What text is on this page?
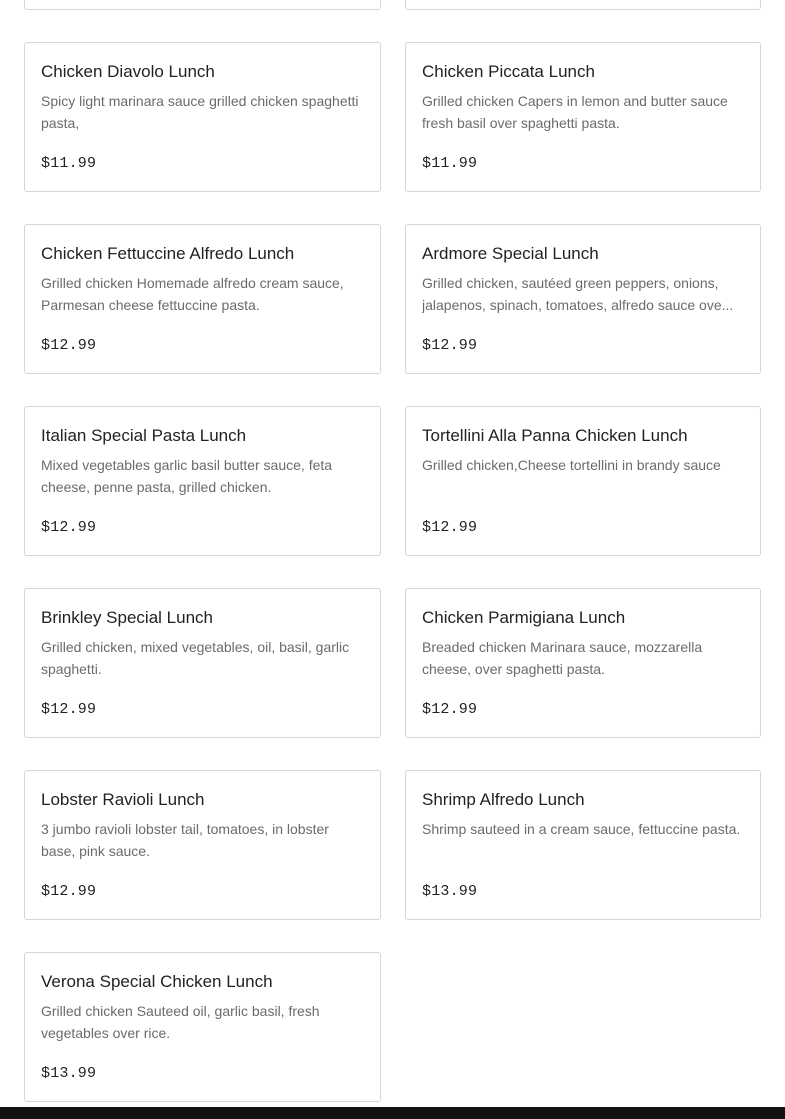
Chicken Diavolo Lunch
Spicy light marinara sauce grilled chicken spaghetti pasta,
$11.99
Chicken Piccata Lunch
Grilled chicken Capers in lemon and butter sauce fresh basil over spaghetti pasta.
$11.99
Chicken Fettuccine Alfredo Lunch
Grilled chicken Homemade alfredo cream sauce, Parmesan cheese fettuccine pasta.
$12.99
Ardmore Special Lunch
Grilled chicken, sautéed green peppers, onions, jalapenos, spinach, tomatoes, alfredo sauce ove...
$12.99
Italian Special Pasta Lunch
Mixed vegetables garlic basil butter sauce, feta cheese, penne pasta, grilled chicken.
$12.99
Tortellini Alla Panna Chicken Lunch
Grilled chicken,Cheese tortellini in brandy sauce
$12.99
Brinkley Special Lunch
Grilled chicken, mixed vegetables, oil, basil, garlic spaghetti.
$12.99
Chicken Parmigiana Lunch
Breaded chicken Marinara sauce, mozzarella cheese, over spaghetti pasta.
$12.99
Lobster Ravioli Lunch
3 jumbo ravioli lobster tail, tomatoes, in lobster base, pink sauce.
$12.99
Shrimp Alfredo Lunch
Shrimp sauteed in a cream sauce, fettuccine pasta.
$13.99
Verona Special Chicken Lunch
Grilled chicken Sauteed oil, garlic basil, fresh vegetables over rice.
$13.99
